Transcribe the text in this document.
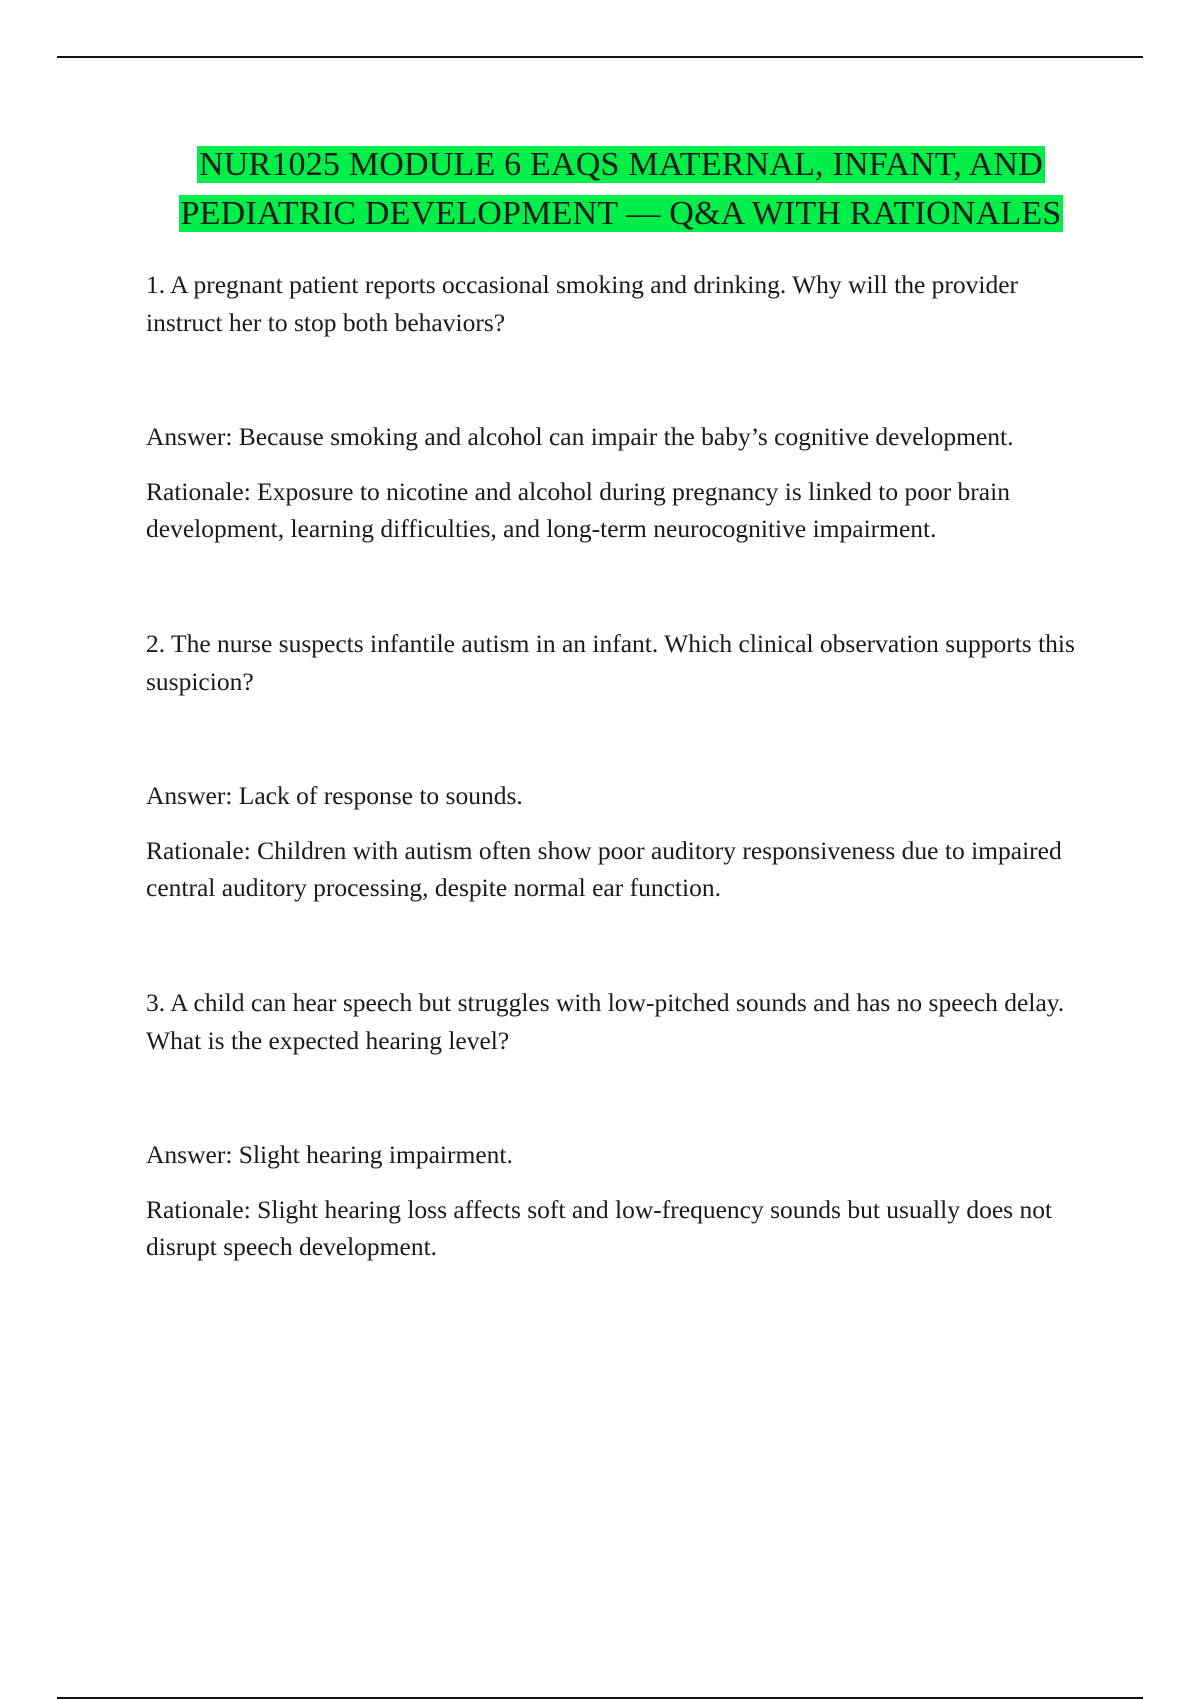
NUR1025 MODULE 6 EAQS MATERNAL, INFANT, AND
PEDIATRIC DEVELOPMENT — Q&A WITH RATIONALES

1. A pregnant patient reports occasional smoking and drinking. Why will the provider instruct her to stop both behaviors?

Answer: Because smoking and alcohol can impair the baby’s cognitive development.

Rationale: Exposure to nicotine and alcohol during pregnancy is linked to poor brain development, learning difficulties, and long-term neurocognitive impairment.

2. The nurse suspects infantile autism in an infant. Which clinical observation supports this suspicion?

Answer: Lack of response to sounds.

Rationale: Children with autism often show poor auditory responsiveness due to impaired central auditory processing, despite normal ear function.

3. A child can hear speech but struggles with low-pitched sounds and has no speech delay. What is the expected hearing level?

Answer: Slight hearing impairment.

Rationale: Slight hearing loss affects soft and low-frequency sounds but usually does not disrupt speech development.
